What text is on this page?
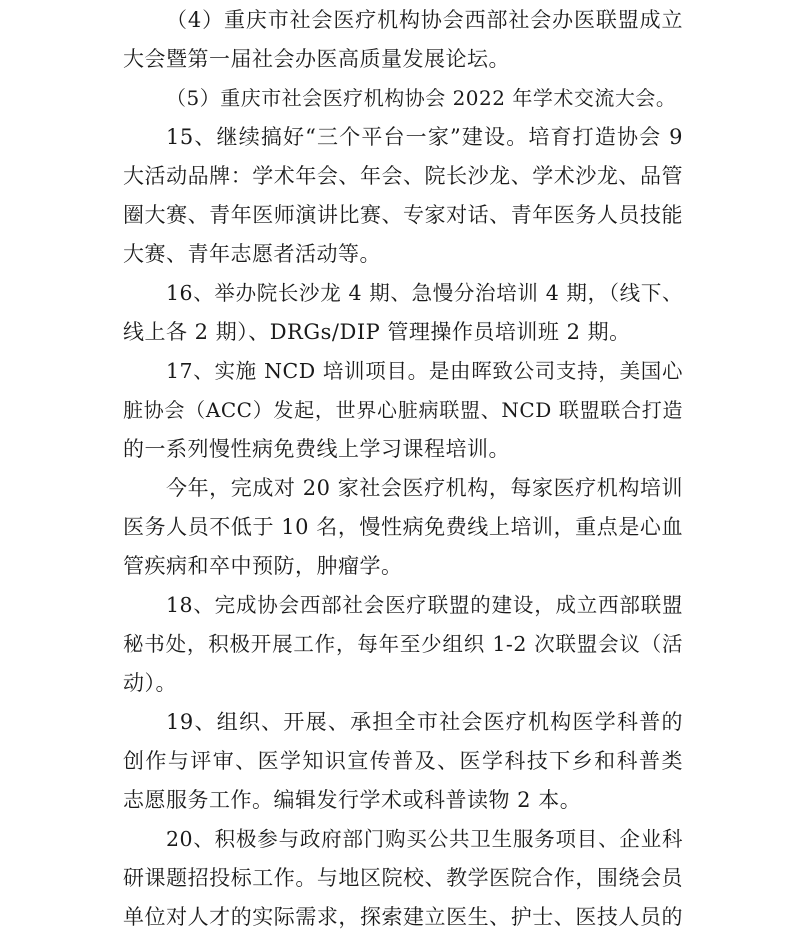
（4）重庆市社会医疗机构协会西部社会办医联盟成立
大会暨第一届社会办医高质量发展论坛。
（5）重庆市社会医疗机构协会 2022 年学术交流大会。
15、继续搞好“三个平台一家”建设。培育打造协会 9
大活动品牌：学术年会、年会、院长沙龙、学术沙龙、品管
圈大赛、青年医师演讲比赛、专家对话、青年医务人员技能
大赛、青年志愿者活动等。
16、举办院长沙龙 4 期、急慢分治培训 4 期，（线下、
线上各 2 期）、DRGs/DIP 管理操作员培训班 2 期。
17、实施 NCD 培训项目。是由晖致公司支持，美国心
脏协会（ACC）发起，世界心脏病联盟、NCD 联盟联合打造
的一系列慢性病免费线上学习课程培训。
今年，完成对 20 家社会医疗机构，每家医疗机构培训
医务人员不低于 10 名，慢性病免费线上培训，重点是心血
管疾病和卒中预防，肿瘤学。
18、完成协会西部社会医疗联盟的建设，成立西部联盟
秘书处，积极开展工作，每年至少组织 1-2 次联盟会议（活
动）。
19、组织、开展、承担全市社会医疗机构医学科普的
创作与评审、医学知识宣传普及、医学科技下乡和科普类
志愿服务工作。编辑发行学术或科普读物 2 本。
20、积极参与政府部门购买公共卫生服务项目、企业科
研课题招投标工作。与地区院校、教学医院合作，围绕会员
单位对人才的实际需求，探索建立医生、护士、医技人员的
